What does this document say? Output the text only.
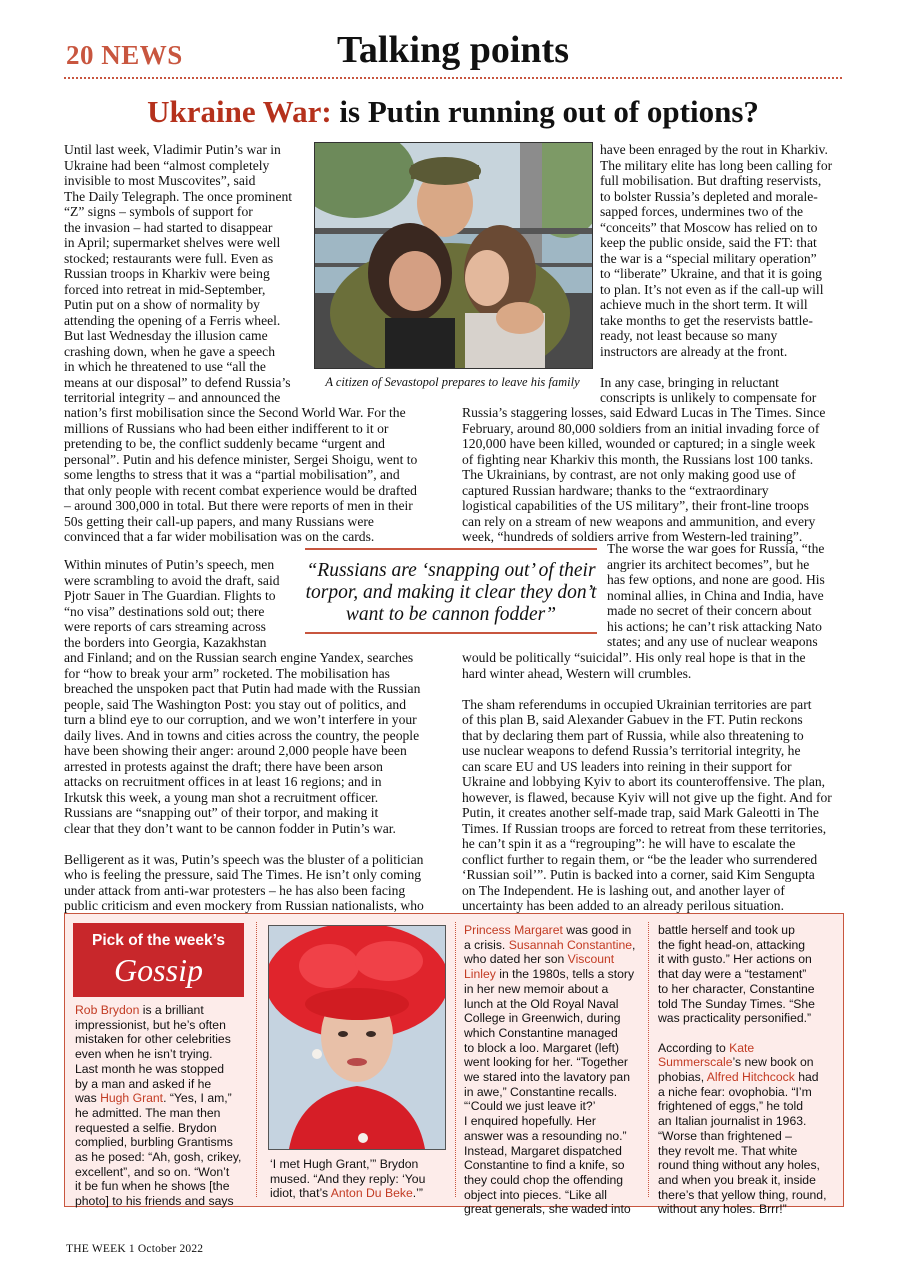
20 NEWS	Talking points
Ukraine War: is Putin running out of options?

Until last week, Vladimir Putin’s war in

Ukraine had been “almost completely

invisible to most Muscovites”, said

The Daily Telegraph. The once prominent

“Z” signs – symbols of support for

the invasion – had started to disappear

in April; supermarket shelves were well

stocked; restaurants were full. Even as

Russian troops in Kharkiv were being

forced into retreat in mid-September,

Putin put on a show of normality by

attending the opening of a Ferris wheel.

But last Wednesday the illusion came

crashing down, when he gave a speech

in which he threatened to use “all the

means at our disposal” to defend Russia’s

territorial integrity – and announced the

nation’s first mobilisation since the Second World War. For the

millions of Russians who had been either indifferent to it or

pretending to be, the conflict suddenly became “urgent and

personal”. Putin and his defence minister, Sergei Shoigu, went to

some lengths to stress that it was a “partial mobilisation”, and

that only people with recent combat experience would be drafted

– around 300,000 in total. But there were reports of men in their

50s getting their call-up papers, and many Russians were

convinced that a far wider mobilisation was on the cards.

Within minutes of Putin’s speech, men

were scrambling to avoid the draft, said

Pjotr Sauer in The Guardian. Flights to

“no visa” destinations sold out; there

were reports of cars streaming across

the borders into Georgia, Kazakhstan

and Finland; and on the Russian search engine Yandex, searches

for “how to break your arm” rocketed. The mobilisation has

breached the unspoken pact that Putin had made with the Russian

people, said The Washington Post: you stay out of politics, and

turn a blind eye to our corruption, and we won’t interfere in your

daily lives. And in towns and cities across the country, the people

have been showing their anger: around 2,000 people have been

arrested in protests against the draft; there have been arson

attacks on recruitment offices in at least 16 regions; and in

Irkutsk this week, a young man shot a recruitment officer.

Russians are “snapping out” of their torpor, and making it

clear that they don’t want to be cannon fodder in Putin’s war.

Belligerent as it was, Putin’s speech was the bluster of a politician

who is feeling the pressure, said The Times. He isn’t only coming

under attack from anti-war protesters – he has also been facing

public criticism and even mockery from Russian nationalists, who

have been enraged by the rout in Kharkiv.

The military elite has long been calling for

full mobilisation. But drafting reservists,

to bolster Russia’s depleted and morale-

sapped forces, undermines two of the

“conceits” that Moscow has relied on to

keep the public onside, said the FT: that

the war is a “special military operation”

to “liberate” Ukraine, and that it is going

to plan. It’s not even as if the call-up will

achieve much in the short term. It will

take months to get the reservists battle-

ready, not least because so many

instructors are already at the front.

In any case, bringing in reluctant

conscripts is unlikely to compensate for

Russia’s staggering losses, said Edward Lucas in The Times. Since

February, around 80,000 soldiers from an initial invading force of

120,000 have been killed, wounded or captured; in a single week

of fighting near Kharkiv this month, the Russians lost 100 tanks.

The Ukrainians, by contrast, are not only making good use of

captured Russian hardware; thanks to the “extraordinary

logistical capabilities of the US military”, their front-line troops

can rely on a stream of new weapons and ammunition, and every

week, “hundreds of soldiers arrive from Western-led training”.

The worse the war goes for Russia, “the

angrier its architect becomes”, but he

has few options, and none are good. His

nominal allies, in China and India, have

made no secret of their concern about

his actions; he can’t risk attacking Nato

states; and any use of nuclear weapons

would be politically “suicidal”. His only real hope is that in the

hard winter ahead, Western will crumbles.

The sham referendums in occupied Ukrainian territories are part

of this plan B, said Alexander Gabuev in the FT. Putin reckons

that by declaring them part of Russia, while also threatening to

use nuclear weapons to defend Russia’s territorial integrity, he

can scare EU and US leaders into reining in their support for

Ukraine and lobbying Kyiv to abort its counteroffensive. The plan,

however, is flawed, because Kyiv will not give up the fight. And for

Putin, it creates another self-made trap, said Mark Galeotti in The

Times. If Russian troops are forced to retreat from these territories,

he can’t spin it as a “regrouping”: he will have to escalate the

conflict further to regain them, or “be the leader who surrendered

‘Russian soil’”. Putin is backed into a corner, said Kim Sengupta

on The Independent. He is lashing out, and another layer of

uncertainty has been added to an already perilous situation.

A citizen of Sevastopol prepares to leave his family
“Russians are ‘snapping out’ of their torpor, and making it clear they don’t want to be cannon fodder”
Pick of the week’s
Gossip

Rob Brydon is a brilliant

impressionist, but he’s often

mistaken for other celebrities

even when he isn’t trying.

Last month he was stopped

by a man and asked if he

was Hugh Grant. “Yes, I am,”

he admitted. The man then

requested a selfie. Brydon

complied, burbling Grantisms

as he posed: “Ah, gosh, crikey,

excellent”, and so on. “Won’t

it be fun when he shows [the

photo] to his friends and says

‘I met Hugh Grant,’” Brydon

mused. “And they reply: ‘You

idiot, that’s Anton Du Beke.’”

Princess Margaret was good in

a crisis. Susannah Constantine,

who dated her son Viscount

Linley in the 1980s, tells a story

in her new memoir about a

lunch at the Old Royal Naval

College in Greenwich, during

which Constantine managed

to block a loo. Margaret (left)

went looking for her. “Together

we stared into the lavatory pan

in awe,” Constantine recalls.

“‘Could we just leave it?’

I enquired hopefully. Her

answer was a resounding no.”

Instead, Margaret dispatched

Constantine to find a knife, so

they could chop the offending

object into pieces. “Like all

great generals, she waded into

battle herself and took up

the fight head-on, attacking

it with gusto.” Her actions on

that day were a “testament”

to her character, Constantine

told The Sunday Times. “She

was practicality personified.”

According to Kate

Summerscale’s new book on

phobias, Alfred Hitchcock had

a niche fear: ovophobia. “I’m

frightened of eggs,” he told

an Italian journalist in 1963.

“Worse than frightened –

they revolt me. That white

round thing without any holes,

and when you break it, inside

there’s that yellow thing, round,

without any holes. Brrr!”

THE WEEK 1 October 2022
